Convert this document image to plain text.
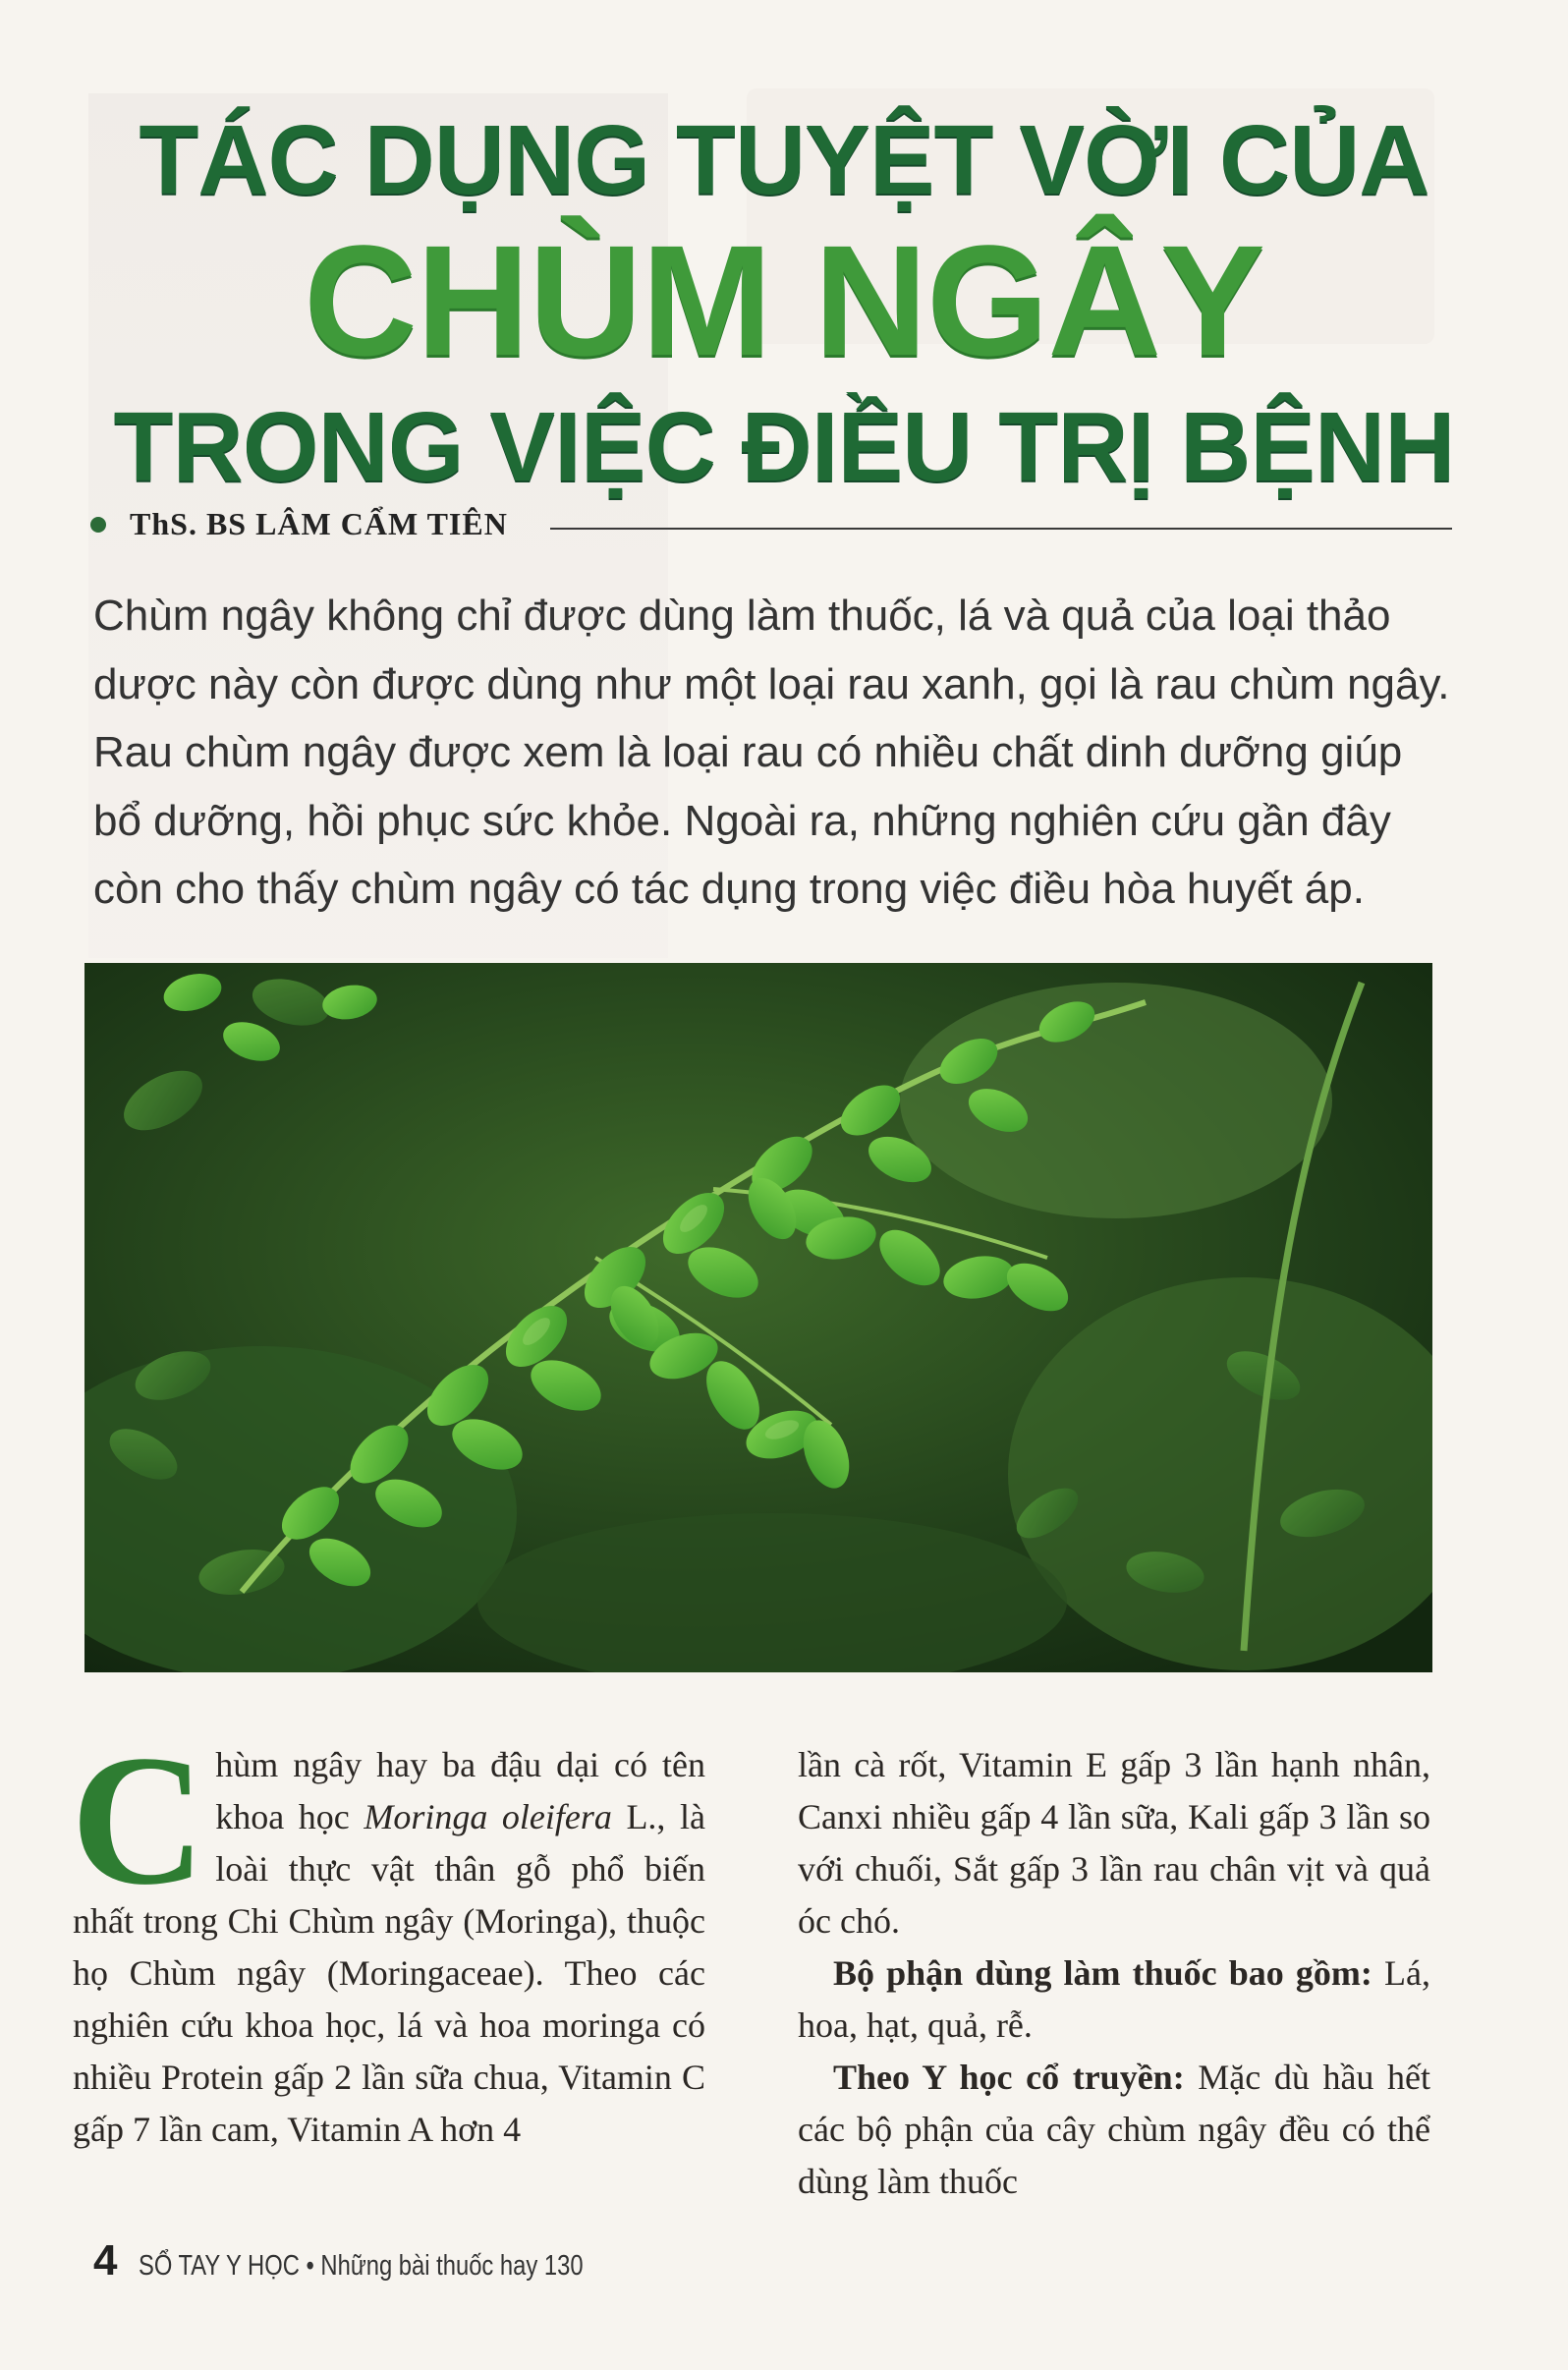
TÁC DỤNG TUYỆT VỜI CỦA
CHÙM NGÂY
TRONG VIỆC ĐIỀU TRỊ BỆNH
ThS. BS LÂM CẨM TIÊN

Chùm ngây không chỉ được dùng làm thuốc, lá và quả của loại thảo dược này còn được dùng như một loại rau xanh, gọi là rau chùm ngây. Rau chùm ngây được xem là loại rau có nhiều chất dinh dưỡng giúp bổ dưỡng, hồi phục sức khỏe. Ngoài ra, những nghiên cứu gần đây còn cho thấy chùm ngây có tác dụng trong việc điều hòa huyết áp.

Chùm ngây hay ba đậu dại có tên khoa học Moringa oleifera L., là loài thực vật thân gỗ phổ biến nhất trong Chi Chùm ngây (Moringa), thuộc họ Chùm ngây (Moringaceae). Theo các nghiên cứu khoa học, lá và hoa moringa có nhiều Protein gấp 2 lần sữa chua, Vitamin C gấp 7 lần cam, Vitamin A hơn 4

lần cà rốt, Vitamin E gấp 3 lần hạnh nhân, Canxi nhiều gấp 4 lần sữa, Kali gấp 3 lần so với chuối, Sắt gấp 3 lần rau chân vịt và quả óc chó.

Bộ phận dùng làm thuốc bao gồm: Lá, hoa, hạt, quả, rễ.

Theo Y học cổ truyền: Mặc dù hầu hết các bộ phận của cây chùm ngây đều có thể dùng làm thuốc

4 SỔ TAY Y HỌC • Những bài thuốc hay 130
